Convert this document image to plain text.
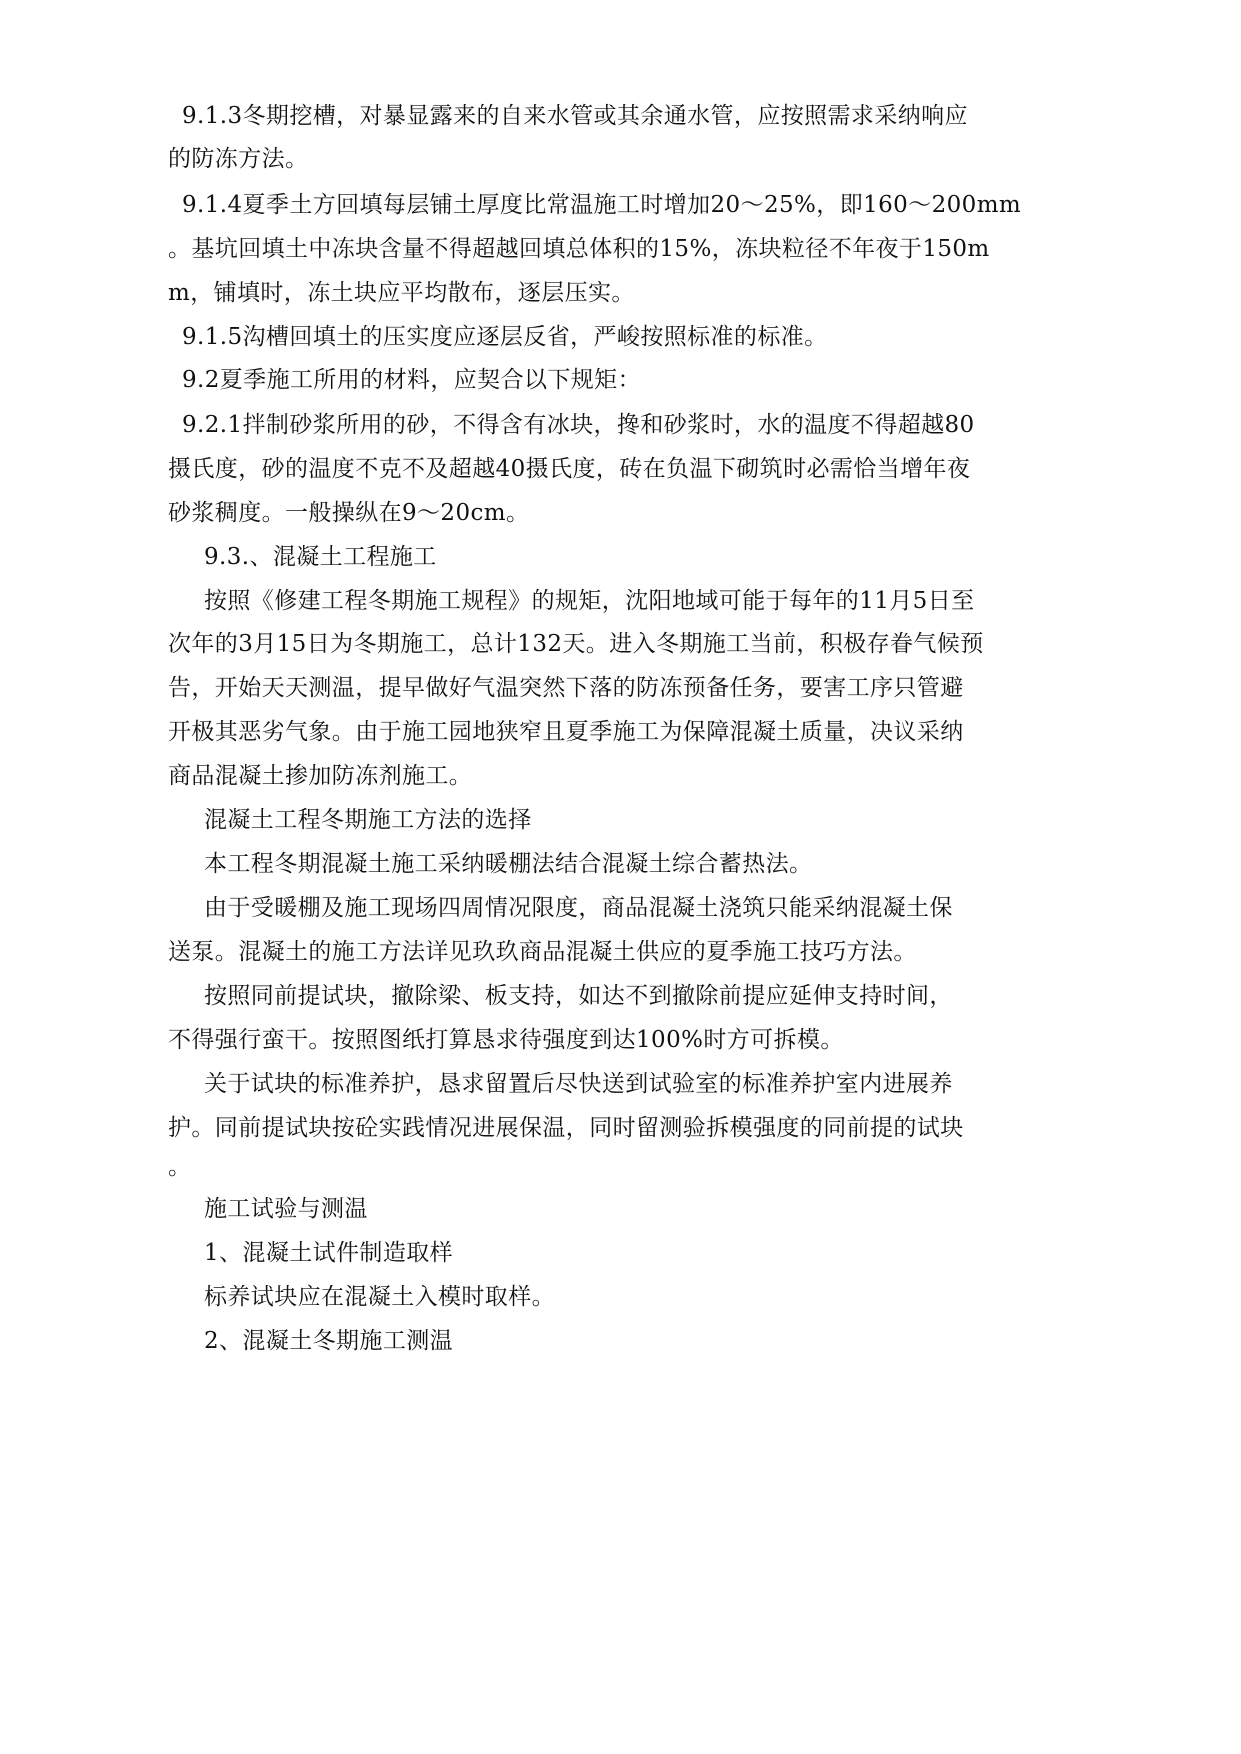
9.1.3冬期挖槽，对暴显露来的自来水管或其余通水管，应按照需求采纳响应
的防冻方法。
9.1.4夏季土方回填每层铺土厚度比常温施工时增加20～25%，即160～200mm
。基坑回填土中冻块含量不得超越回填总体积的15%，冻块粒径不年夜于150m
m，铺填时，冻土块应平均散布，逐层压实。
9.1.5沟槽回填土的压实度应逐层反省，严峻按照标准的标准。
9.2夏季施工所用的材料，应契合以下规矩：
9.2.1拌制砂浆所用的砂，不得含有冰块，搀和砂浆时，水的温度不得超越80
摄氏度，砂的温度不克不及超越40摄氏度，砖在负温下砌筑时必需恰当增年夜
砂浆稠度。一般操纵在9～20cm。
9.3.、混凝土工程施工
按照《修建工程冬期施工规程》的规矩，沈阳地域可能于每年的11月5日至
次年的3月15日为冬期施工，总计132天。进入冬期施工当前，积极存眷气候预
告，开始天天测温，提早做好气温突然下落的防冻预备任务，要害工序只管避
开极其恶劣气象。由于施工园地狭窄且夏季施工为保障混凝土质量，决议采纳
商品混凝土掺加防冻剂施工。
混凝土工程冬期施工方法的选择
本工程冬期混凝土施工采纳暖棚法结合混凝土综合蓄热法。
由于受暖棚及施工现场四周情况限度，商品混凝土浇筑只能采纳混凝土保
送泵。混凝土的施工方法详见玖玖商品混凝土供应的夏季施工技巧方法。
按照同前提试块，撤除梁、板支持，如达不到撤除前提应延伸支持时间，
不得强行蛮干。按照图纸打算恳求待强度到达100%时方可拆模。
关于试块的标准养护，恳求留置后尽快送到试验室的标准养护室内进展养
护。同前提试块按砼实践情况进展保温，同时留测验拆模强度的同前提的试块
。
施工试验与测温
1、混凝土试件制造取样
标养试块应在混凝土入模时取样。
2、混凝土冬期施工测温
